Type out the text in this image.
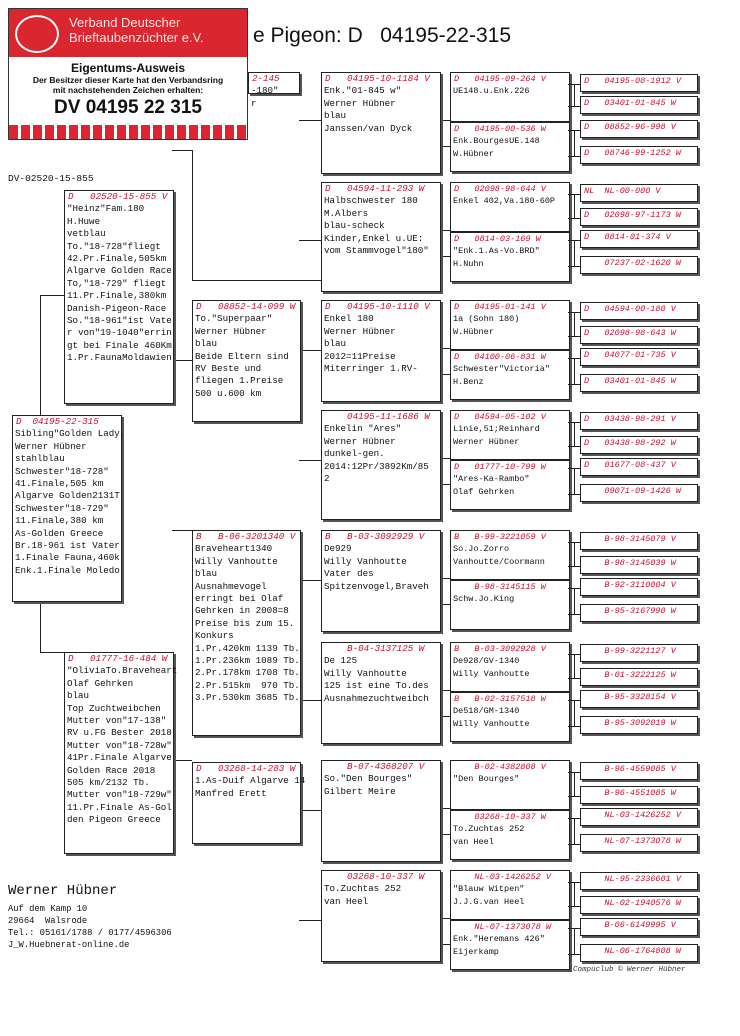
Verband Deutscher
Brieftaubenzüchter e.V.
Eigentums-Ausweis
Der Besitzer dieser Karte hat den Verbandsring
mit nachstehenden Zeichen erhalten:
DV 04195 22 315
e Pigeon: D   04195-22-315
DV-02520-15-855
D  04195-22-315
Sibling"Golden Lady,
Werner Hübner
stahlblau
Schwester"18-728"
41.Finale,505 km
Algarve Golden2131T
Schwester"18-729"
11.Finale,380 km
As-Golden Greece
Br.18-961 ist Vater
1.Finale Fauna,460k
Enk.1.Finale Moledo
D   02520-15-855 V
"Heinz"Fam.180
H.Huwe
vetblau
To."18-728"fliegt
42.Pr.Finale,505km
Algarve Golden Race
To,"18-729" fliegt
11.Pr.Finale,380km
Danish-Pigeon-Race
So."18-961"ist Vate
r von"19-1040"errin
gt bei Finale 460Km
1.Pr.FaunaMoldawien
D   01777-16-484 W
"OliviaTo.Braveheart
Olaf Gehrken
blau
Top Zuchtweibchen
Mutter von"17-138"
RV u.FG Bester 2018
Mutter von"18-728w"
41Pr.Finale Algarve
Golden Race 2018
505 km/2132 Tb.
Mutter von"18-729w"
11.Pr.Finale As-Gol
den Pigeon Greece
2-145
-180"
r
D   08852-14-099 W
To."Superpaar"
Werner Hübner
blau
Beide Eltern sind
RV Beste und
fliegen 1.Preise
500 u.600 km
B   B-06-3201340 V
Braveheart1340
Willy Vanhoutte
blau
Ausnahmevogel
erringt bei Olaf
Gehrken in 2008=8
Preise bis zum 15.
Konkurs
1.Pr.420km 1139 Tb.
1.Pr.236km 1089 Tb.
2.Pr.178km 1708 Tb.
2.Pr.515km  970 Tb.
3.Pr.530km 3685 Tb.
D   03268-14-283 W
1.As-Duif Algarve 14
Manfred Erett
D   04195-10-1184 V
Enk."01-845 w"
Werner Hübner
blau
Janssen/van Dyck
D   04594-11-293 W
Halbschwester 180
M.Albers
blau-scheck
Kinder,Enkel u.UE:
vom Stammvogel"180"
D   04195-10-1110 V
Enkel 180
Werner Hübner
blau
2012=11Preise
Miterringer 1.RV-
04195-11-1686 W
Enkelin "Ares"
Werner Hübner
dunkel-gen.
2014:12Pr/3892Km/85
2
B   B-03-3092929 V
De929
Willy Vanhoutte
Vater des
Spitzenvogel,Braveh
B-04-3137125 W
De 125
Willy Vanhoutte
125 ist eine To.des
Ausnahmezuchtweibch
B-07-4368207 V
So."Den Bourges"
Gilbert Meire
03268-10-337 W
To.Zuchtas 252
van Heel
D   04195-09-264 V
UE148.u.Enk.226
D   04195-00-536 W
Enk.BourgesUE.148
W.Hübner
D   02098-98-644 V
Enkel 402,Va.180-60P
D   0814-03-169 W
"Enk.1.As-Vo.BRD"
H.Nuhn
D   04195-01-141 V
1a (Sohn 180)
W.Hübner
D   04100-06-831 W
Schwester"Victoria"
H.Benz
D   04594-05-102 V
Linie,51;Reinhard
Werner Hübner
D   01777-10-799 W
"Ares-Ka-Rambo"
Olaf Gehrken
B   B-99-3221059 V
So.Jo.Zorro
Vanhoutte/Coormann
B-98-3145115 W
Schw.Jo.King
B   B-03-3092928 V
De928/GV-1340
Willy Vanhoutte
B   B-02-3157518 W
De518/GM-1340
Willy Vanhoutte
B-02-4382808 V
"Den Bourges"
03268-10-337 W
To.Zuchtas 252
van Heel
NL-03-1426252 V
"Blauw Witpen"
J.J.G.van Heel
NL-07-1373078 W
Enk."Heremans 426"
Eijerkamp
D   04195-08-1912 V
D   03401-01-845 W
D   08852-96-998 V
D   08746-99-1252 W
NL  NL-00-000 V
D   02098-97-1173 W
D   0814-01-374 V
07237-02-1620 W
D   04594-00-180 V
D   02098-98-643 W
D   04077-01-735 V
D   03401-01-845 W
D   03438-98-291 V
D   03438-98-292 W
D   01677-08-437 V
09071-09-1426 W
B-98-3145079 V
B-98-3145039 W
B-92-3110004 V
B-95-3167990 W
B-99-3221127 V
B-01-3222125 W
B-95-3328154 V
B-95-3092019 W
B-96-4559085 V
B-96-4551085 W
NL-03-1426252 V
NL-07-1373078 W
NL-95-2336601 V
NL-02-1940576 W
B-06-6149995 V
NL-06-1764808 W
Werner Hübner
Auf dem Kamp 10
29664  Walsrode
Tel.: 05161/1788 / 0177/4596306
J_W.Huebnerat-online.de
Compuclub © Werner Hübner
